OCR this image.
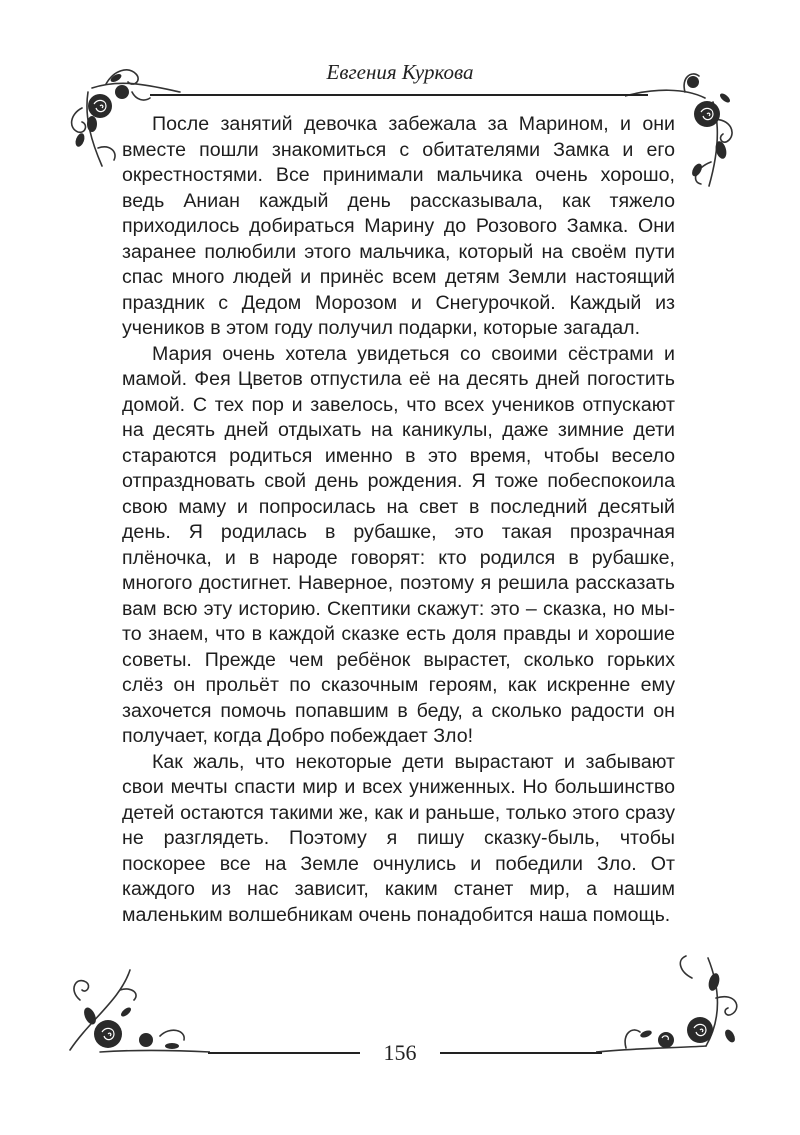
Евгения Куркова

После занятий девочка забежала за Марином, и они вместе пошли знакомиться с обитателями Замка и его окрестностями. Все принимали мальчика очень хорошо, ведь Аниан каждый день рассказывала, как тяжело приходилось добираться Марину до Розового Замка. Они заранее полюбили этого мальчика, который на своём пути спас много людей и принёс всем детям Земли настоящий праздник с Дедом Морозом и Снегурочкой. Каждый из учеников в этом году получил подарки, которые загадал.

Мария очень хотела увидеться со своими сёстрами и мамой. Фея Цветов отпустила её на десять дней погостить домой. С тех пор и завелось, что всех учеников отпускают на десять дней отдыхать на каникулы, даже зимние дети стараются родиться именно в это время, чтобы весело отпраздновать свой день рождения. Я тоже побеспокоила свою маму и попросилась на свет в последний десятый день. Я родилась в рубашке, это такая прозрачная плёночка, и в народе говорят: кто родился в рубашке, многого достигнет. Наверное, поэтому я решила рассказать вам всю эту историю. Скептики скажут: это – сказка, но мы-то знаем, что в каждой сказке есть доля правды и хорошие советы. Прежде чем ребёнок вырастет, сколько горьких слёз он прольёт по сказочным героям, как искренне ему захочется помочь попавшим в беду, а сколько радости он получает, когда Добро побеждает Зло!

Как жаль, что некоторые дети вырастают и забывают свои мечты спасти мир и всех униженных. Но большинство детей остаются такими же, как и раньше, только этого сразу не разглядеть. Поэтому я пишу сказку-быль, чтобы поскорее все на Земле очнулись и победили Зло. От каждого из нас зависит, каким станет мир, а нашим маленьким волшебникам очень понадобится наша помощь.

156
